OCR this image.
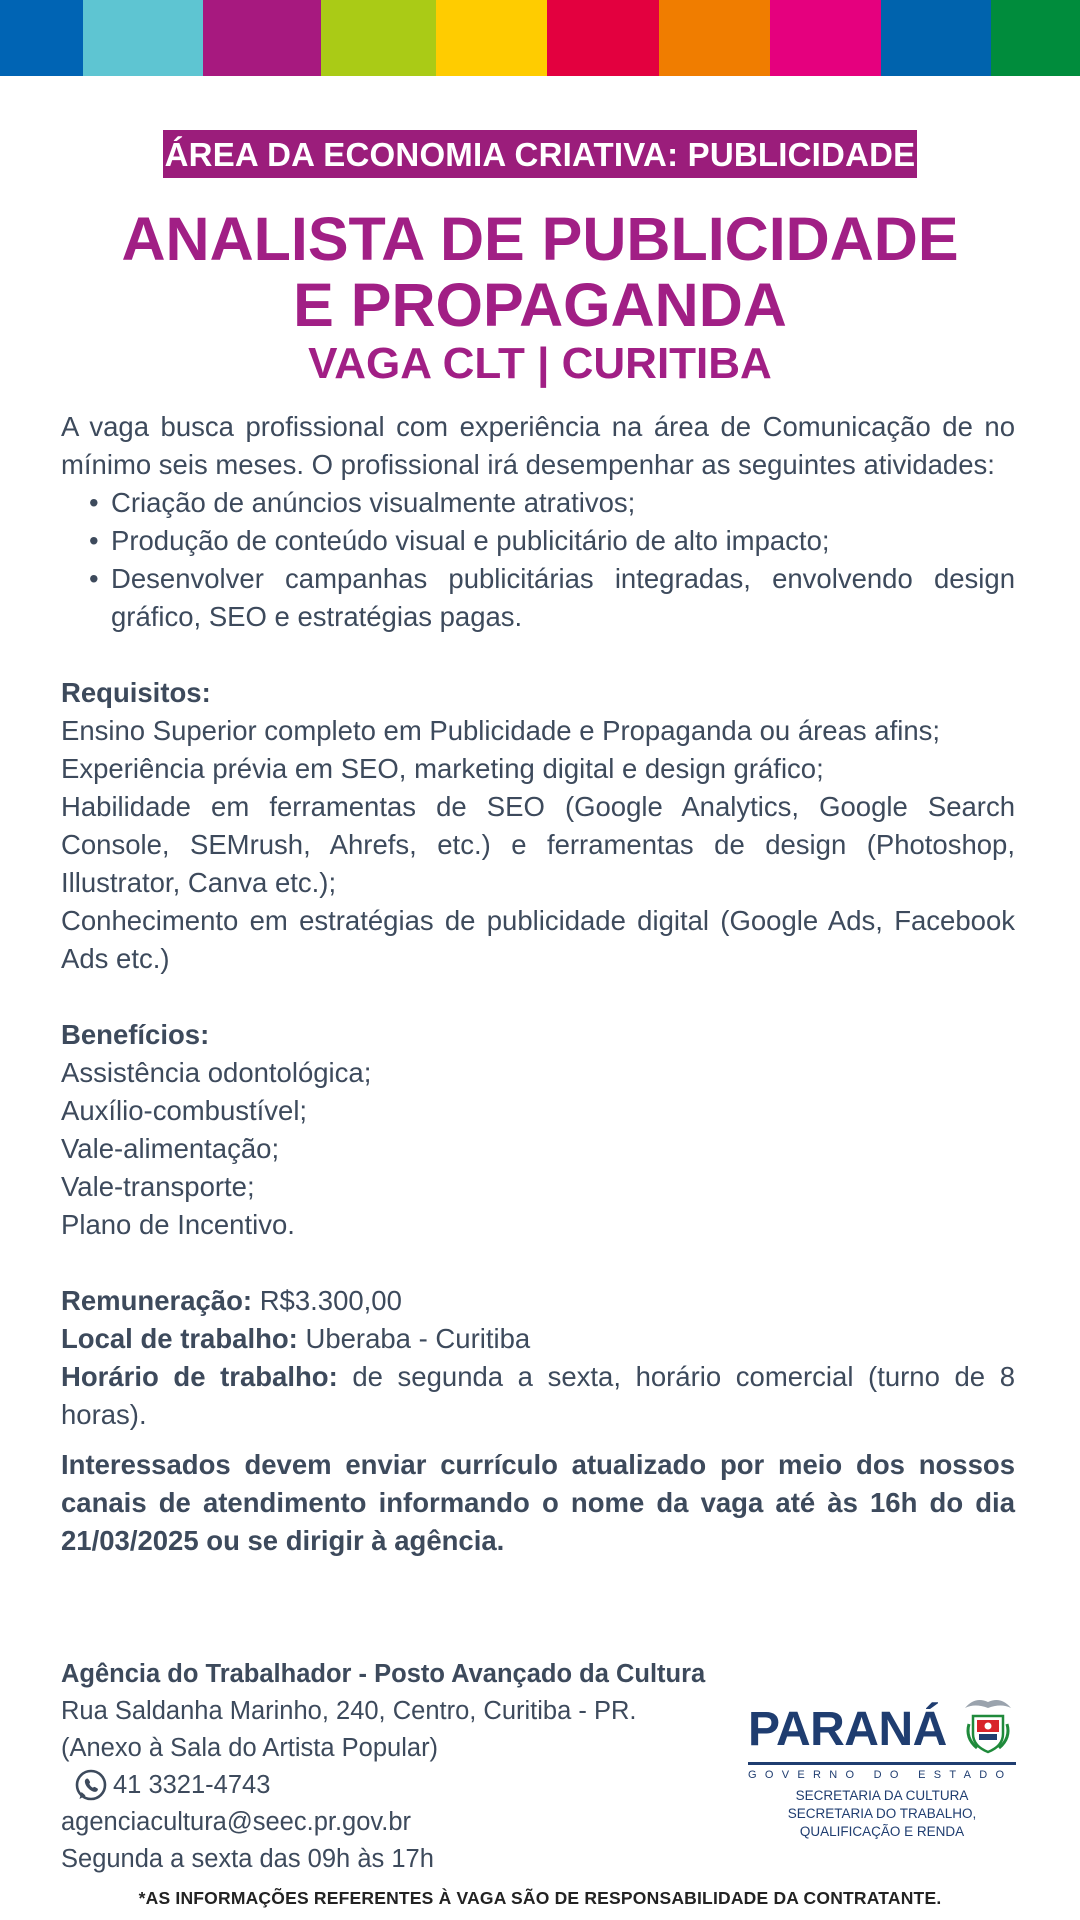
ÁREA DA ECONOMIA CRIATIVA: PUBLICIDADE
ANALISTA DE PUBLICIDADE
E PROPAGANDA
VAGA CLT | CURITIBA

A vaga busca profissional com experiência na área de Comunicação de no mínimo seis meses. O profissional irá desempenhar as seguintes atividades:

• Criação de anúncios visualmente atrativos;
• Produção de conteúdo visual e publicitário de alto impacto;
• Desenvolver campanhas publicitárias integradas, envolvendo design gráfico, SEO e estratégias pagas.
Requisitos:

Ensino Superior completo em Publicidade e Propaganda ou áreas afins;

Experiência prévia em SEO, marketing digital e design gráfico;

Habilidade em ferramentas de SEO (Google Analytics, Google Search Console, SEMrush, Ahrefs, etc.) e ferramentas de design (Photoshop, Illustrator, Canva etc.);

Conhecimento em estratégias de publicidade digital (Google Ads, Facebook Ads etc.)

Benefícios:

Assistência odontológica;

Auxílio-combustível;

Vale-alimentação;

Vale-transporte;

Plano de Incentivo.

Remuneração: R$3.300,00

Local de trabalho: Uberaba - Curitiba

Horário de trabalho: de segunda a sexta, horário comercial (turno de 8 horas).

Interessados devem enviar currículo atualizado por meio dos nossos canais de atendimento informando o nome da vaga até às 16h do dia 21/03/2025 ou se dirigir à agência.

Agência do Trabalhador - Posto Avançado da Cultura
Rua Saldanha Marinho, 240, Centro, Curitiba - PR.
(Anexo à Sala do Artista Popular)
41 3321-4743
agenciacultura@seec.pr.gov.br
Segunda a sexta das 09h às 17h
PARANÁ
GOVERNO DO ESTADO
SECRETARIA DA CULTURA
SECRETARIA DO TRABALHO,
QUALIFICAÇÃO E RENDA
*AS INFORMAÇÕES REFERENTES À VAGA SÃO DE RESPONSABILIDADE DA CONTRATANTE.
